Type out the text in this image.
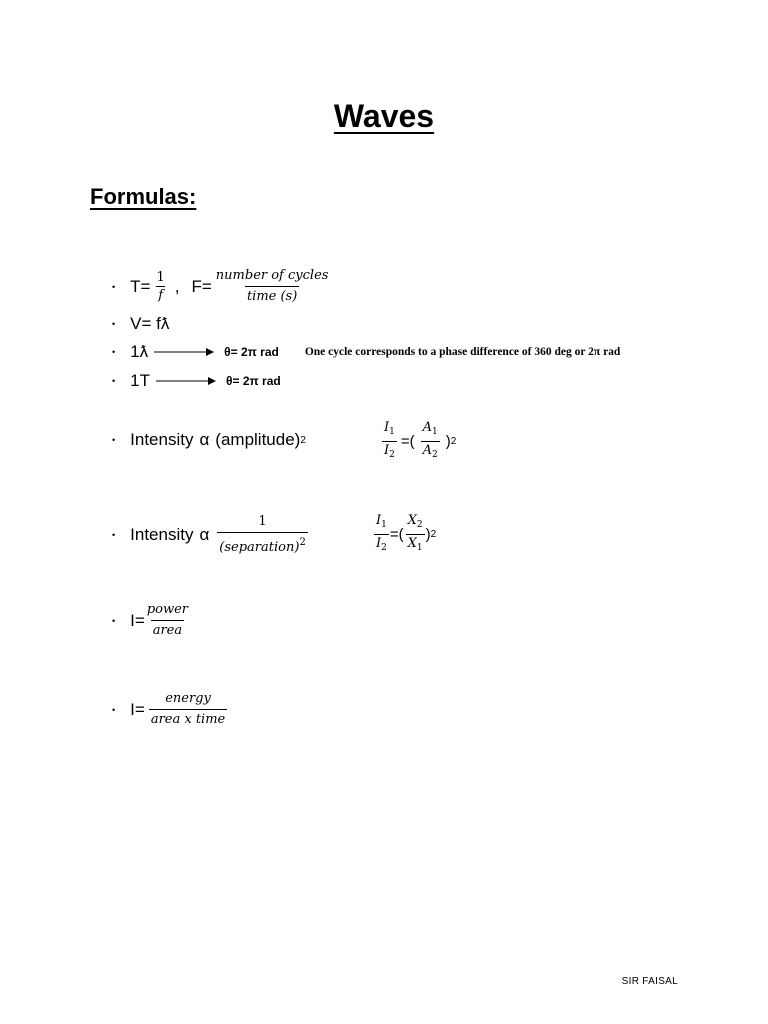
Waves
Formulas:
• $T= \frac{1}{f}$ , $F= \frac{\text{number of cycles}}{\text{time (s)}}$
• V= fƛ
• 1ƛ	θ= 2π rad One cycle corresponds to a phase difference of 360 deg or 2π rad
• 1T	θ= 2π rad
• Intensity α (amplitude) 2	$\frac{I_1}{I_2}$ =( $\frac{A_1}{A_2}$ ) 2
• Intensity α $\frac{1}{(separation)^2}$	$\frac{I_1}{I_2}$ =( $\frac{X_2}{X_1}$ ) 2
• $I= \frac{\text{power}}{\text{area}}$
• $I= \frac{\text{energy}}{\text{area x time}}$
SIR FAISAL
